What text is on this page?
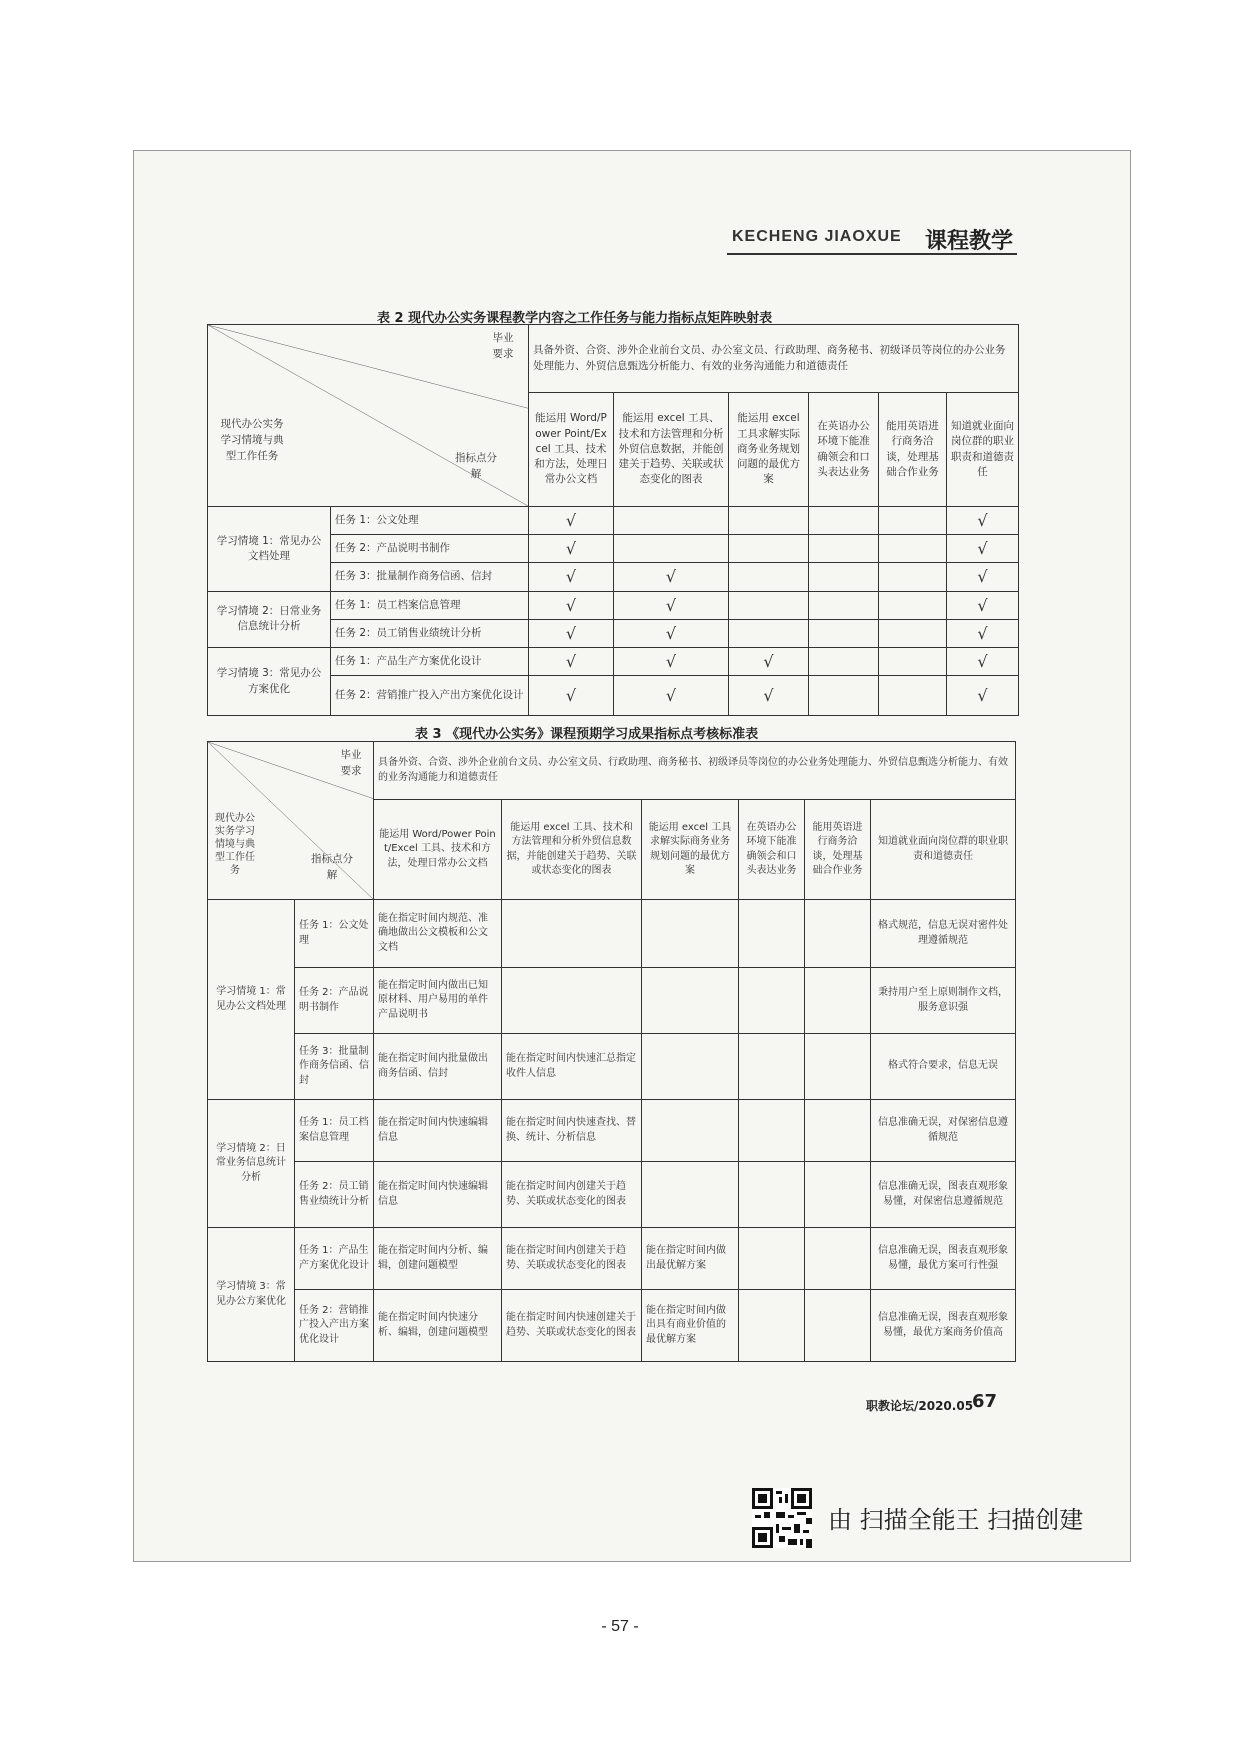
KECHENG JIAOXUE 课程教学
表 2 现代办公实务课程教学内容之工作任务与能力指标点矩阵映射表
毕业要求
现代办公实务学习情境与典型工作任务 指标点分解		具备外资、合资、涉外企业前台文员、办公室文员、行政助理、商务秘书、初级译员等岗位的办公业务处理能力、外贸信息甄选分析能力、有效的业务沟通能力和道德责任					
		能运用 Word/Power Point/Excel 工具、技术和方法，处理日常办公文档	能运用 excel 工具、技术和方法管理和分析外贸信息数据，并能创建关于趋势、关联或状态变化的图表	能运用 excel 工具求解实际商务业务规划问题的最优方案	在英语办公环境下能准确领会和口头表达业务	能用英语进行商务洽谈，处理基础合作业务	知道就业面向岗位群的职业职责和道德责任
学习情境 1：常见办公文档处理	任务 1：公文处理	√					√
	任务 2：产品说明书制作	√					√
	任务 3：批量制作商务信函、信封	√	√				√
学习情境 2：日常业务信息统计分析	任务 1：员工档案信息管理	√	√				√
	任务 2：员工销售业绩统计分析	√	√				√
学习情境 3：常见办公方案优化	任务 1：产品生产方案优化设计	√	√	√			√
	任务 2：营销推广投入产出方案优化设计	√	√	√			√
表 3 《现代办公实务》课程预期学习成果指标点考核标准表
毕业要求
现代办公实务学习情境与典型工作任务
指标点分解		具备外资、合资、涉外企业前台文员、办公室文员、行政助理、商务秘书、初级译员等岗位的办公业务处理能力、外贸信息甄选分析能力、有效的业务沟通能力和道德责任					
		能运用 Word/Power Point/Excel 工具、技术和方法，处理日常办公文档	能运用 excel 工具、技术和方法管理和分析外贸信息数据，并能创建关于趋势、关联或状态变化的图表	能运用 excel 工具求解实际商务业务规划问题的最优方案	在英语办公环境下能准确领会和口头表达业务	能用英语进行商务洽谈，处理基础合作业务	知道就业面向岗位群的职业职责和道德责任
学习情境 1：常见办公文档处理	任务 1：公文处理	能在指定时间内规范、准确地做出公文模板和公文文档					格式规范，信息无误对密件处理遵循规范
	任务 2：产品说明书制作	能在指定时间内做出已知原材料、用户易用的单件产品说明书					秉持用户至上原则制作文档，服务意识强
	任务 3：批量制作商务信函、信封	能在指定时间内批量做出商务信函、信封	能在指定时间内快速汇总指定收件人信息				格式符合要求，信息无误
学习情境 2：日常业务信息统计分析	任务 1：员工档案信息管理	能在指定时间内快速编辑信息	能在指定时间内快速查找、替换、统计、分析信息				信息准确无误，对保密信息遵循规范
	任务 2：员工销售业绩统计分析	能在指定时间内快速编辑信息	能在指定时间内创建关于趋势、关联或状态变化的图表				信息准确无误，图表直观形象易懂，对保密信息遵循规范
学习情境 3：常见办公方案优化	任务 1：产品生产方案优化设计	能在指定时间内分析、编辑，创建问题模型	能在指定时间内创建关于趋势、关联或状态变化的图表	能在指定时间内做出最优解方案			信息准确无误，图表直观形象易懂，最优方案可行性强
	任务 2：营销推广投入产出方案优化设计	能在指定时间内快速分析、编辑，创建问题模型	能在指定时间内快速创建关于趋势、关联或状态变化的图表	能在指定时间内做出具有商业价值的最优解方案			信息准确无误，图表直观形象易懂，最优方案商务价值高
职教论坛/2020.05
67
由 扫描全能王 扫描创建
- 57 -
